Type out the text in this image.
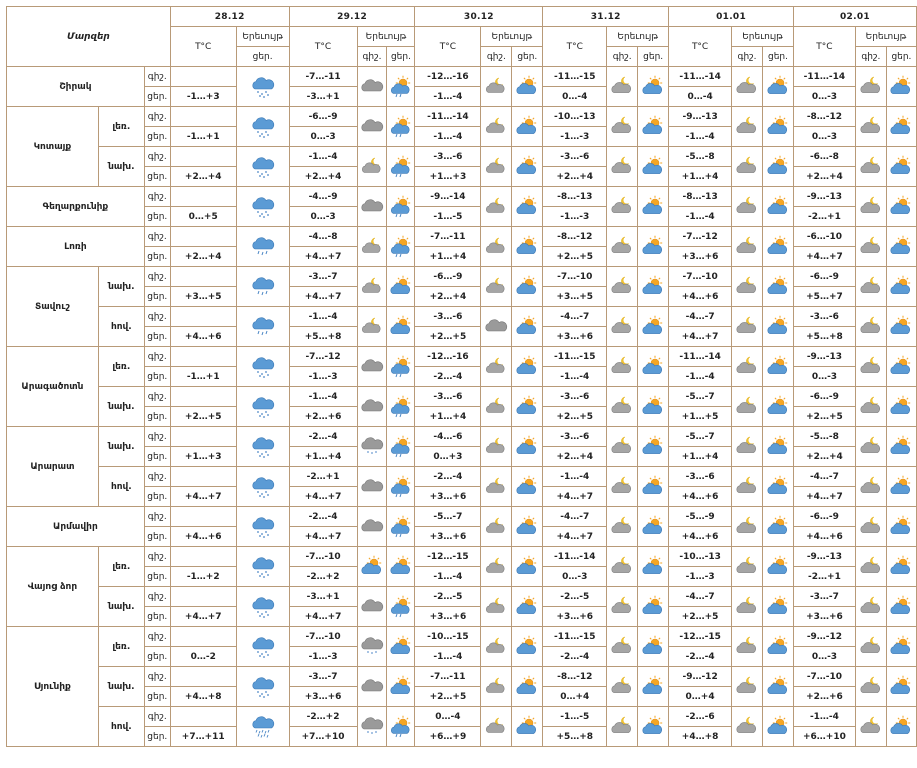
Մարզեր			28.12		29.12			30.12			31.12			01.01			02.01		
			T°C	Երեւույթ	T°C	Երեւույթ		T°C	Երեւույթ		T°C	Երեւույթ		T°C	Երեւույթ		T°C	Երեւույթ	
				ցեր.		գիշ.	ցեր.		գիշ.	ցեր.		գիշ.	ցեր.		գիշ.	ցեր.		գիշ.	ցեր.
Շիրակ		գիշ.			-7…-11			-12…-16			-11…-15			-11…-14			-11…-14	

		ցեր.	-1…+3		-3…+1			-1…-4			0…-4			0…-4			0…-3		
Կոտայք	լեռ.	գիշ.			-6…-9			-11…-14			-10…-13			-9…-13			-8…-12	

		ցեր.	-1…+1		0…-3			-1…-4			-1…-3			-1…-4			0…-3		
	նախ.	գիշ.			-1…-4			-3…-6			-3…-6			-5…-8			-6…-8	

		ցեր.	+2…+4		+2…+4			+1…+3			+2…+4			+1…+4			+2…+4		
Գեղարքունիք		գիշ.			-4…-9			-9…-14			-8…-13			-8…-13			-9…-13	

		ցեր.	0…+5		0…-3			-1…-5			-1…-3			-1…-4			-2…+1		
Լոռի		գիշ.			-4…-8			-7…-11			-8…-12			-7…-12			-6…-10	

		ցեր.	+2…+4		+4…+7			+1…+4			+2…+5			+3…+6			+4…+7		
Տավուշ	նախ.	գիշ.			-3…-7			-6…-9			-7…-10			-7…-10			-6…-9	

		ցեր.	+3…+5		+4…+7			+2…+4			+3…+5			+4…+6			+5…+7		
	հով.	գիշ.			-1…-4			-3…-6			-4…-7			-4…-7			-3…-6	

		ցեր.	+4…+6		+5…+8			+2…+5			+3…+6			+4…+7			+5…+8		
Արագածոտն	լեռ.	գիշ.			-7…-12			-12…-16			-11…-15			-11…-14			-9…-13	

		ցեր.	-1…+1		-1…-3			-2…-4			-1…-4			-1…-4			0…-3		
	նախ.	գիշ.			-1…-4			-3…-6			-3…-6			-5…-7			-6…-9	

		ցեր.	+2…+5		+2…+6			+1…+4			+2…+5			+1…+5			+2…+5		
Արարատ	նախ.	գիշ.			-2…-4			-4…-6			-3…-6			-5…-7			-5…-8	

		ցեր.	+1…+3		+1…+4			0…+3			+2…+4			+1…+4			+2…+4		
	հով.	գիշ.			-2…+1			-2…-4			-1…-4			-3…-6			-4…-7	

		ցեր.	+4…+7		+4…+7			+3…+6			+4…+7			+4…+6			+4…+7		
Արմավիր		գիշ.			-2…-4			-5…-7			-4…-7			-5…-9			-6…-9	

		ցեր.	+4…+6		+4…+7			+3…+6			+4…+7			+4…+6			+4…+6		
Վայոց ձոր	լեռ.	գիշ.			-7…-10			-12…-15			-11…-14			-10…-13			-9…-13	

		ցեր.	-1…+2		-2…+2			-1…-4			0…-3			-1…-3			-2…+1		
	նախ.	գիշ.			-3…+1			-2…-5			-2…-5			-4…-7			-3…-7	

		ցեր.	+4…+7		+4…+7			+3…+6			+3…+6			+2…+5			+3…+6		
Սյունիք	լեռ.	գիշ.			-7…-10			-10…-15			-11…-15			-12…-15			-9…-12	

		ցեր.	0…-2		-1…-3			-1…-4			-2…-4			-2…-4			0…-3		
	նախ.	գիշ.			-3…-7			-7…-11			-8…-12			-9…-12			-7…-10	

		ցեր.	+4…+8		+3…+6			+2…+5			0…+4			0…+4			+2…+6		
	հով.	գիշ.			-2…+2			0…-4			-1…-5			-2…-6			-1…-4	

		ցեր.	+7…+11		+7…+10			+6…+9			+5…+8			+4…+8			+6…+10		
